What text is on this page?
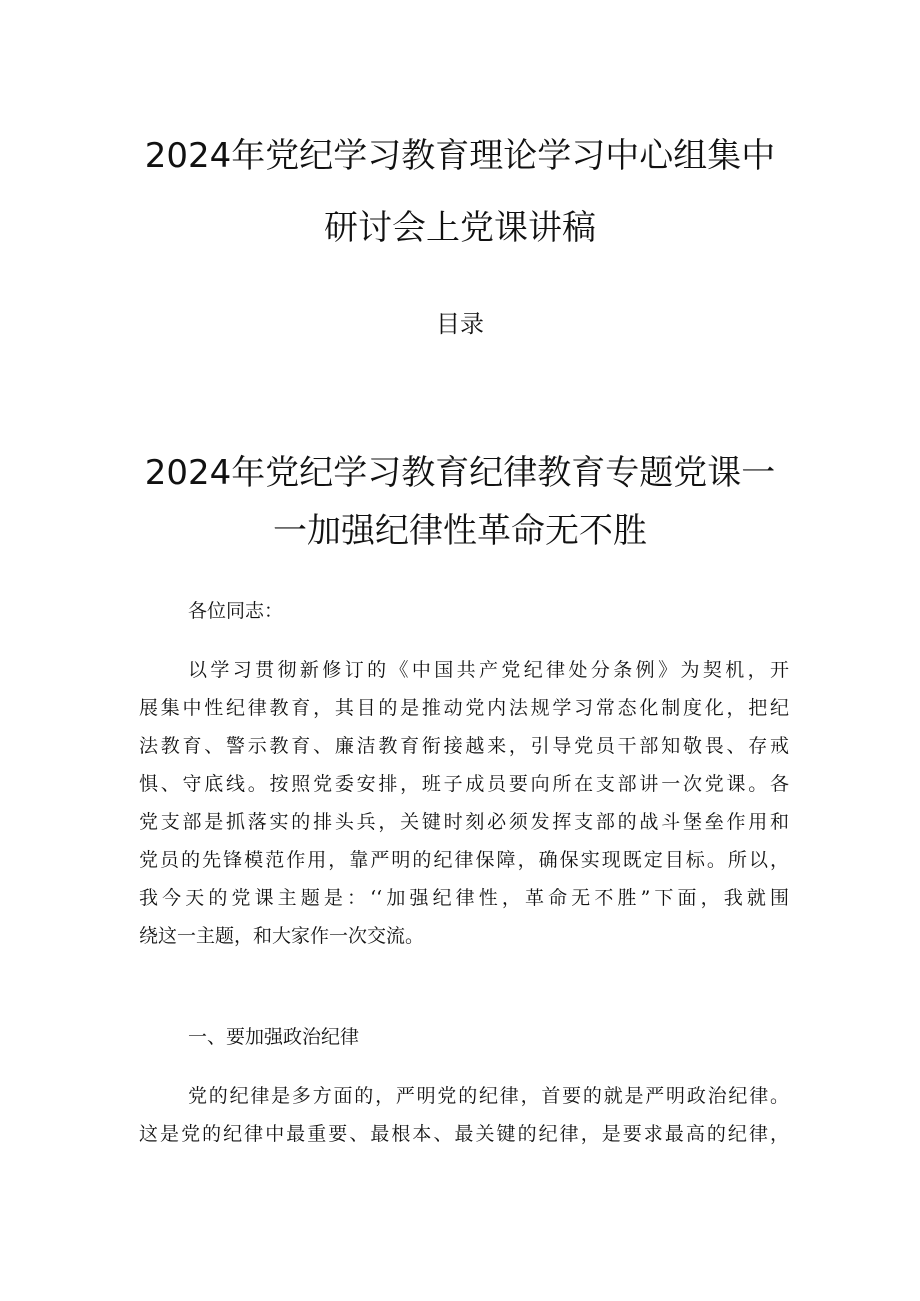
2024年党纪学习教育理论学习中心组集中
研讨会上党课讲稿
目录
2024年党纪学习教育纪律教育专题党课一
一加强纪律性革命无不胜
各位同志：
以学习贯彻新修订的《中国共产党纪律处分条例》为契机，开
展集中性纪律教育，其目的是推动党内法规学习常态化制度化，把纪
法教育、警示教育、廉洁教育衔接越来，引导党员干部知敬畏、存戒
惧、守底线。按照党委安排，班子成员要向所在支部讲一次党课。各
党支部是抓落实的排头兵，关键时刻必须发挥支部的战斗堡垒作用和
党员的先锋模范作用，靠严明的纪律保障，确保实现既定目标。所以，
我今天的党课主题是：‘‘加强纪律性，革命无不胜”下面，我就围
绕这一主题，和大家作一次交流。
一、要加强政治纪律
党的纪律是多方面的，严明党的纪律，首要的就是严明政治纪律。
这是党的纪律中最重要、最根本、最关键的纪律，是要求最高的纪律，
